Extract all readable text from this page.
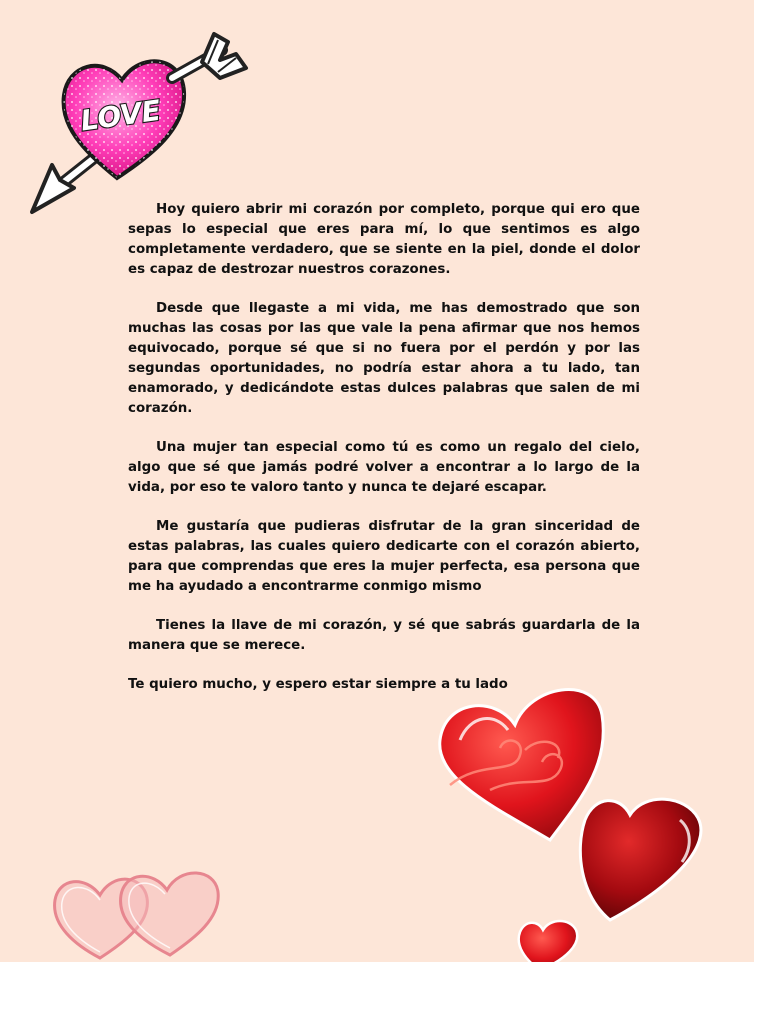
LOVE

Hoy quiero abrir mi corazón por completo, porque qui ero que sepas lo especial que eres para mí, lo que sentimos es algo completamente verdadero, que se siente en la piel, donde el dolor es capaz de destrozar nuestros corazones.

Desde que llegaste a mi vida, me has demostrado que son muchas las cosas por las que vale la pena afirmar que nos hemos equivocado, porque sé que si no fuera por el perdón y por las segundas oportunidades, no podría estar ahora a tu lado, tan enamorado, y dedicándote estas dulces palabras que salen de mi corazón.

Una mujer tan especial como tú es como un regalo del cielo, algo que sé que jamás podré volver a encontrar a lo largo de la vida, por eso te valoro tanto y nunca te dejaré escapar.

Me gustaría que pudieras disfrutar de la gran sinceridad de estas palabras, las cuales quiero dedicarte con el corazón abierto, para que comprendas que eres la mujer perfecta, esa persona que me ha ayudado a encontrarme conmigo mismo

Tienes la llave de mi corazón, y sé que sabrás guardarla de la manera que se merece.

Te quiero mucho, y espero estar siempre a tu lado
